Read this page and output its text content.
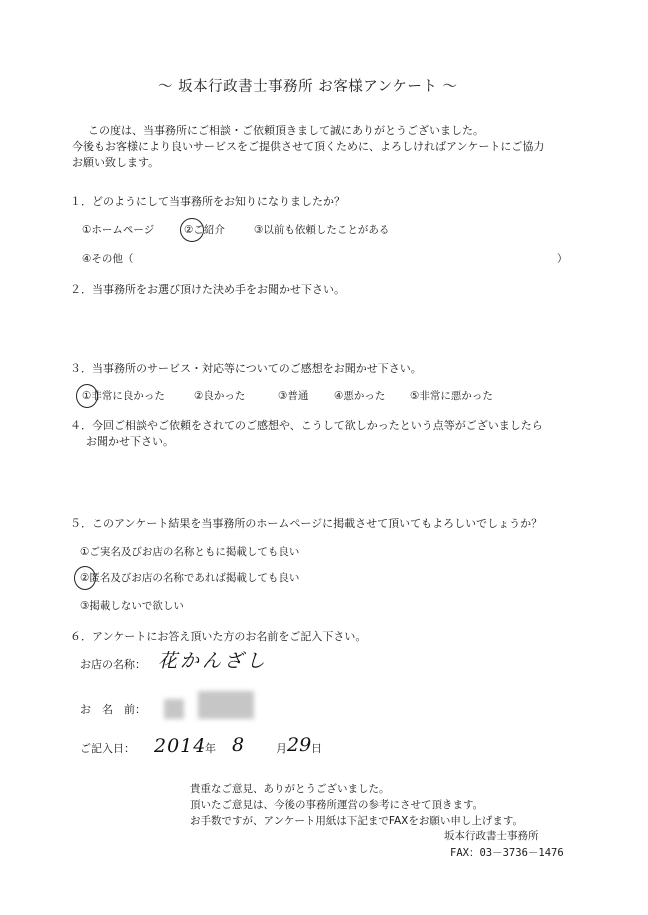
～ 坂本行政書士事務所 お客様アンケート ～
この度は、当事務所にご相談・ご依頼頂きまして誠にありがとうございました。
今後もお客様により良いサービスをご提供させて頂くために、よろしければアンケートにご協力
お願い致します。
１．どのようにして当事務所をお知りになりましたか？
①ホームページ	②ご紹介	③以前も依頼したことがある
④その他（	）
２．当事務所をお選び頂けた決め手をお聞かせ下さい。
３．当事務所のサービス・対応等についてのご感想をお聞かせ下さい。
①非常に良かった	②良かった	③普通 ④悪かった ⑤非常に悪かった
４．今回ご相談やご依頼をされてのご感想や、こうして欲しかったという点等がございましたら
お聞かせ下さい。
５．このアンケート結果を当事務所のホームページに掲載させて頂いてもよろしいでしょうか？
①ご実名及びお店の名称ともに掲載しても良い
②匿名及びお店の名称であれば掲載しても良い
③掲載しないで欲しい
６．アンケートにお答え頂いた方のお名前をご記入下さい。
お店の名称： 花かんざし
お　名　前：
ご記入日： 2014
年 8	月 29 日
貴重なご意見、ありがとうございました。
頂いたご意見は、今後の事務所運営の参考にさせて頂きます。
お手数ですが、アンケート用紙は下記までFAXをお願い申し上げます。
坂本行政書士事務所
FAX：03－3736－1476
